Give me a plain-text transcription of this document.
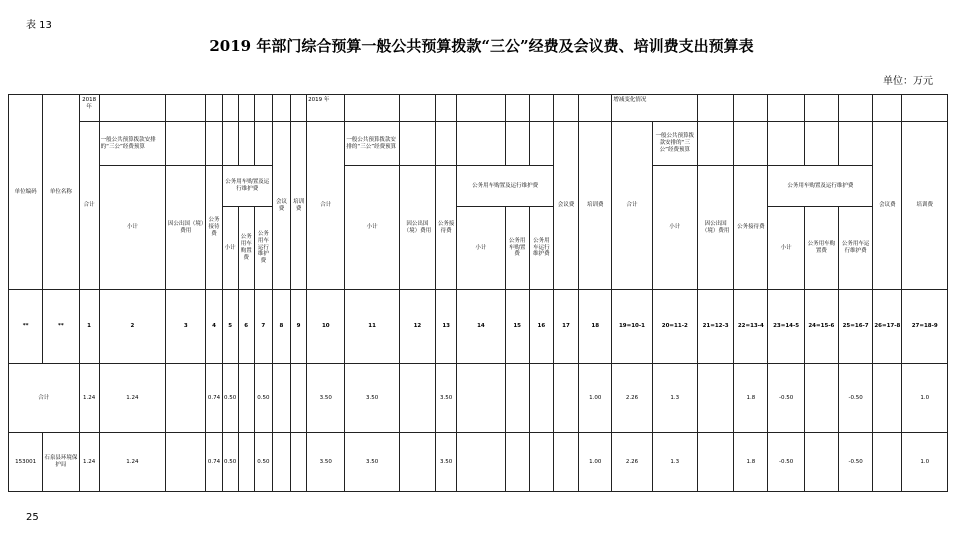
表 13
2019 年部门综合预算一般公共预算拨款“三公”经费及会议费、培训费支出预算表
单位：万元
单位编码	单位名称	2018 年									2019 年									增减变化情况								
		合计	一般公共预算拨款安排的“三公”经费预算						会议费	培训费	合计	一般公共预算拨款安排的“三公”经费预算						会议费	培训费	合计	一般公共预算拨款安排的“三公”经费预算						会议费	培训费
			小计	因公出国（境）费用	公务接待费	公务用车购置及运行维护费						小计	因公出国（境）费用	公务接待费	公务用车购置及运行维护费						小计	因公出国（境）费用	公务接待费	公务用车购置及运行维护费				
						小计	公务用车购置费	公务用车运行维护费							小计	公务用车购置费	公务用车运行维护费							小计	公务用车购置费	公务用车运行维护费		
**	**	1	2	3	4	5	6	7	8	9	10	11	12	13	14	15	16	17	18	19=10-1	20=11-2	21=12-3	22=13-4	23=14-5	24=15-6	25=16-7	26=17-8	27=18-9
合计		1.24	1.24		0.74	0.50		0.50			3.50	3.50		3.50					1.00	2.26	1.3		1.8	-0.50		-0.50		1.0
153001	石泉县环境保护局	1.24	1.24		0.74	0.50		0.50			3.50	3.50		3.50					1.00	2.26	1.3		1.8	-0.50		-0.50		1.0
25
